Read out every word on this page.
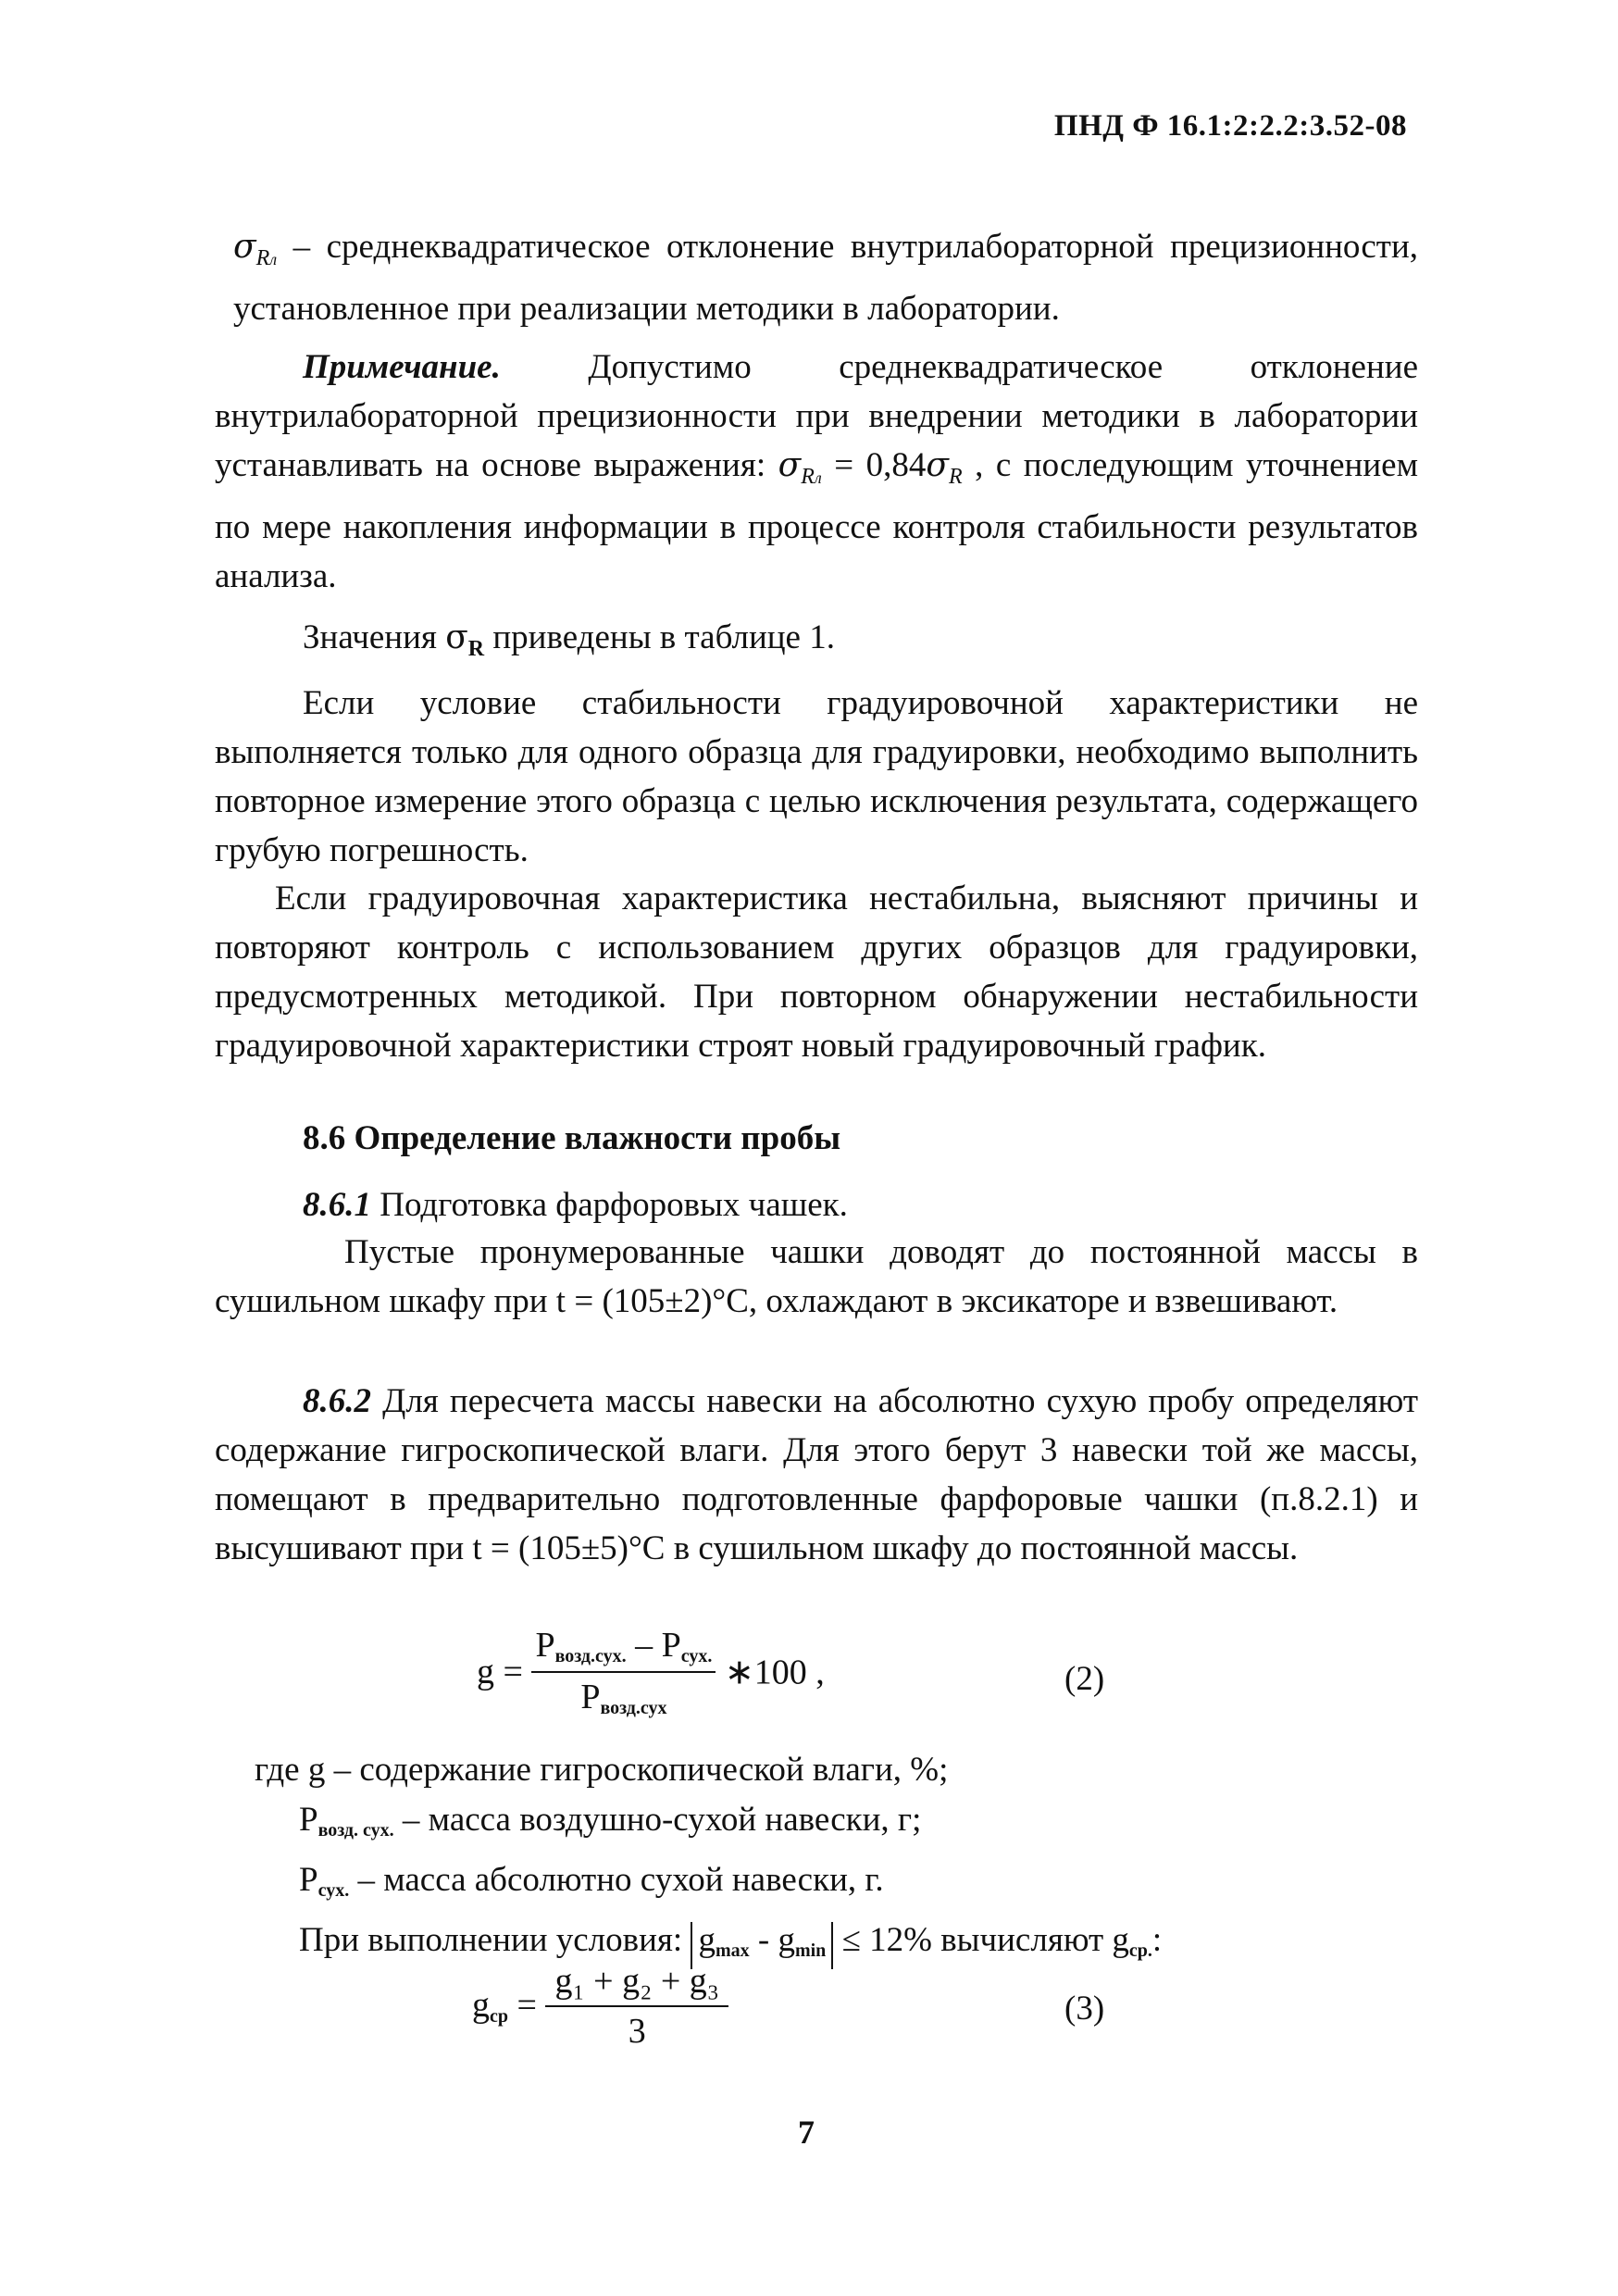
ПНД Ф 16.1:2:2.2:3.52-08

$\sigma_{Rл}$ – среднеквадратическое отклонение внутрилабораторной прецизионности, установленное при реализации методики в лаборатории.

Примечание. Допустимо среднеквадратическое отклонение внутрилабораторной прецизионности при внедрении методики в лаборатории устанавливать на основе выражения: $\sigma_{Rл} = 0,84\sigma_R$ , с последующим уточнением по мере накопления информации в процессе контроля стабильности результатов анализа.

Значения $\sigma_R$ приведены в таблице 1.

Если условие стабильности градуировочной характеристики не выполняется только для одного образца для градуировки, необходимо выполнить повторное измерение этого образца с целью исключения результата, содержащего грубую погрешность.

Если градуировочная характеристика нестабильна, выясняют причины и повторяют контроль с использованием других образцов для градуировки, предусмотренных методикой. При повторном обнаружении нестабильности градуировочной характеристики строят новый градуировочный график.

8.6 Определение влажности пробы

8.6.1 Подготовка фарфоровых чашек.

Пустые пронумерованные чашки доводят до постоянной массы в сушильном шкафу при t = (105±2)°C, охлаждают в эксикаторе и взвешивают.

8.6.2 Для пересчета массы навески на абсолютно сухую пробу определяют содержание гигроскопической влаги. Для этого берут 3 навески той же массы, помещают в предварительно подготовленные фарфоровые чашки (п.8.2.1) и высушивают при t = (105±5)°C в сушильном шкафу до постоянной массы.

$g = \frac{\text{Pвозд.сух. – Pсух.}}{\text{Pвозд.сух}}$ ∗100 ,	(2)

где g – содержание гигроскопической влаги, %;

Pвозд. сух. – масса воздушно-сухой навески, г;

Pсух. – масса абсолютно сухой навески, г.

При выполнении условия: gmax - gmin ≤ 12% вычисляют gср.:

gср = $\frac{\text{g₁ + g₂ + g₃}}{3}$	(3)
7
